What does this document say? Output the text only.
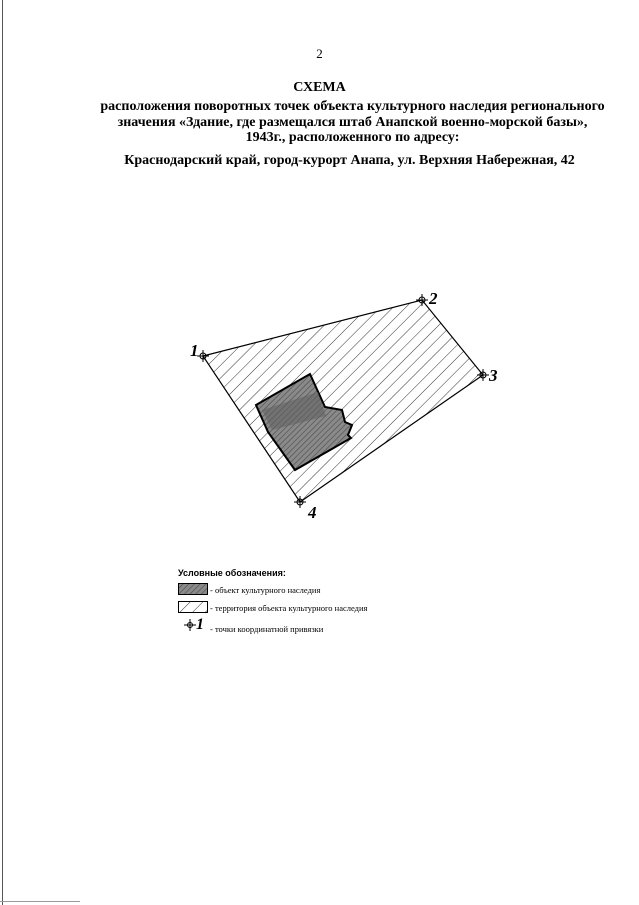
2
СХЕМА
расположения поворотных точек объекта культурного наследия регионального значения «Здание, где размещался штаб Анапской военно-морской базы», 1943г., расположенного по адресу:
Краснодарский край, город-курорт Анапа, ул. Верхняя Набережная, 42
1
2
3
4
Условные обозначения:
- объект культурного наследия
- территория объекта культурного наследия
1 - точки координатной привязки
